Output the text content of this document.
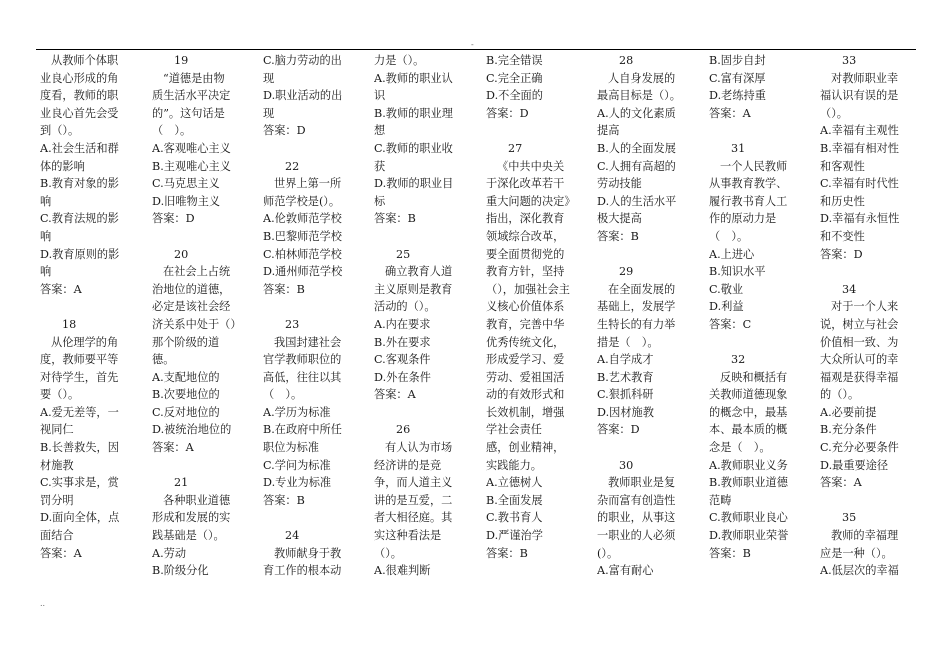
-
..
从教师个体职
业良心形成的角
度看，教师的职
业良心首先会受
到（）。
A.社会生活和群
体的影响
B.教育对象的影
响
C.教育法规的影
响
D.教育原则的影
响
答案：A
18
从伦理学的角
度，教师要平等
对待学生，首先
要（）。
A.爱无差等，一
视同仁
B.长善救失，因
材施教
C.实事求是，赏
罚分明
D.面向全体，点
面结合
答案：A
19
“道德是由物
质生活水平决定
的”。这句话是
（　）。
A.客观唯心主义
B.主观唯心主义
C.马克思主义
D.旧唯物主义
答案：D
20
在社会上占统
治地位的道德，
必定是该社会经
济关系中处于（）
那个阶级的道
德。
A.支配地位的
B.次要地位的
C.反对地位的
D.被统治地位的
答案：A
21
各种职业道德
形成和发展的实
践基础是（）。
A.劳动
B.阶级分化
C.脑力劳动的出
现
D.职业活动的出
现
答案：D
22
世界上第一所
师范学校是(）。
A.伦敦师范学校
B.巴黎师范学校
C.柏林师范学校
D.通州师范学校
答案：B
23
我国封建社会
官学教师职位的
高低，往往以其
（　）。
A.学历为标准
B.在政府中所任
职位为标准
C.学问为标准
D.专业为标准
答案：B
24
教师献身于教
育工作的根本动
力是（）。
A.教师的职业认
识
B.教师的职业理
想
C.教师的职业收
获
D.教师的职业目
标
答案：B
25
确立教育人道
主义原则是教育
活动的（）。
A.内在要求
B.外在要求
C.客观条件
D.外在条件
答案：A
26
有人认为市场
经济讲的是竞
争，而人道主义
讲的是互爱，二
者大相径庭。其
实这种看法是
（）。
A.很难判断
B.完全错误
C.完全正确
D.不全面的
答案：D
27
《中共中央关
于深化改革若干
重大问题的决定》
指出，深化教育
领域综合改革，
要全面贯彻党的
教育方针，坚持
（），加强社会主
义核心价值体系
教育，完善中华
优秀传统文化，
形成爱学习、爱
劳动、爱祖国活
动的有效形式和
长效机制，增强
学社会责任
感，创业精神，
实践能力。
A.立德树人
B.全面发展
C.教书育人
D.严谨治学
答案：B
28
人自身发展的
最高目标是（）。
A.人的文化素质
提高
B.人的全面发展
C.人拥有高超的
劳动技能
D.人的生活水平
极大提高
答案：B
29
在全面发展的
基础上，发展学
生特长的有力举
措是（　）。
A.自学成才
B.艺术教育
C.狠抓科研
D.因材施教
答案：D
30
教师职业是复
杂而富有创造性
的职业，从事这
一职业的人必须
(）。
A.富有耐心
B.固步自封
C.富有深厚
D.老练持重
答案：A
31
一个人民教师
从事教育教学、
履行教书育人工
作的原动力是
（　）。
A.上进心
B.知识水平
C.敬业
D.利益
答案：C
32
反映和概括有
关教师道德现象
的概念中，最基
本、最本质的概
念是（　）。
A.教师职业义务
B.教师职业道德
范畴
C.教师职业良心
D.教师职业荣誉
答案：B
33
对教师职业幸
福认识有误的是
（）。
A.幸福有主观性
B.幸福有相对性
和客观性
C.幸福有时代性
和历史性
D.幸福有永恒性
和不变性
答案：D
34
对于一个人来
说，树立与社会
价值相一致、为
大众所认可的幸
福观是获得幸福
的（）。
A.必要前提
B.充分条件
C.充分必要条件
D.最重要途径
答案：A
35
教师的幸福理
应是一种（）。
A.低层次的幸福
